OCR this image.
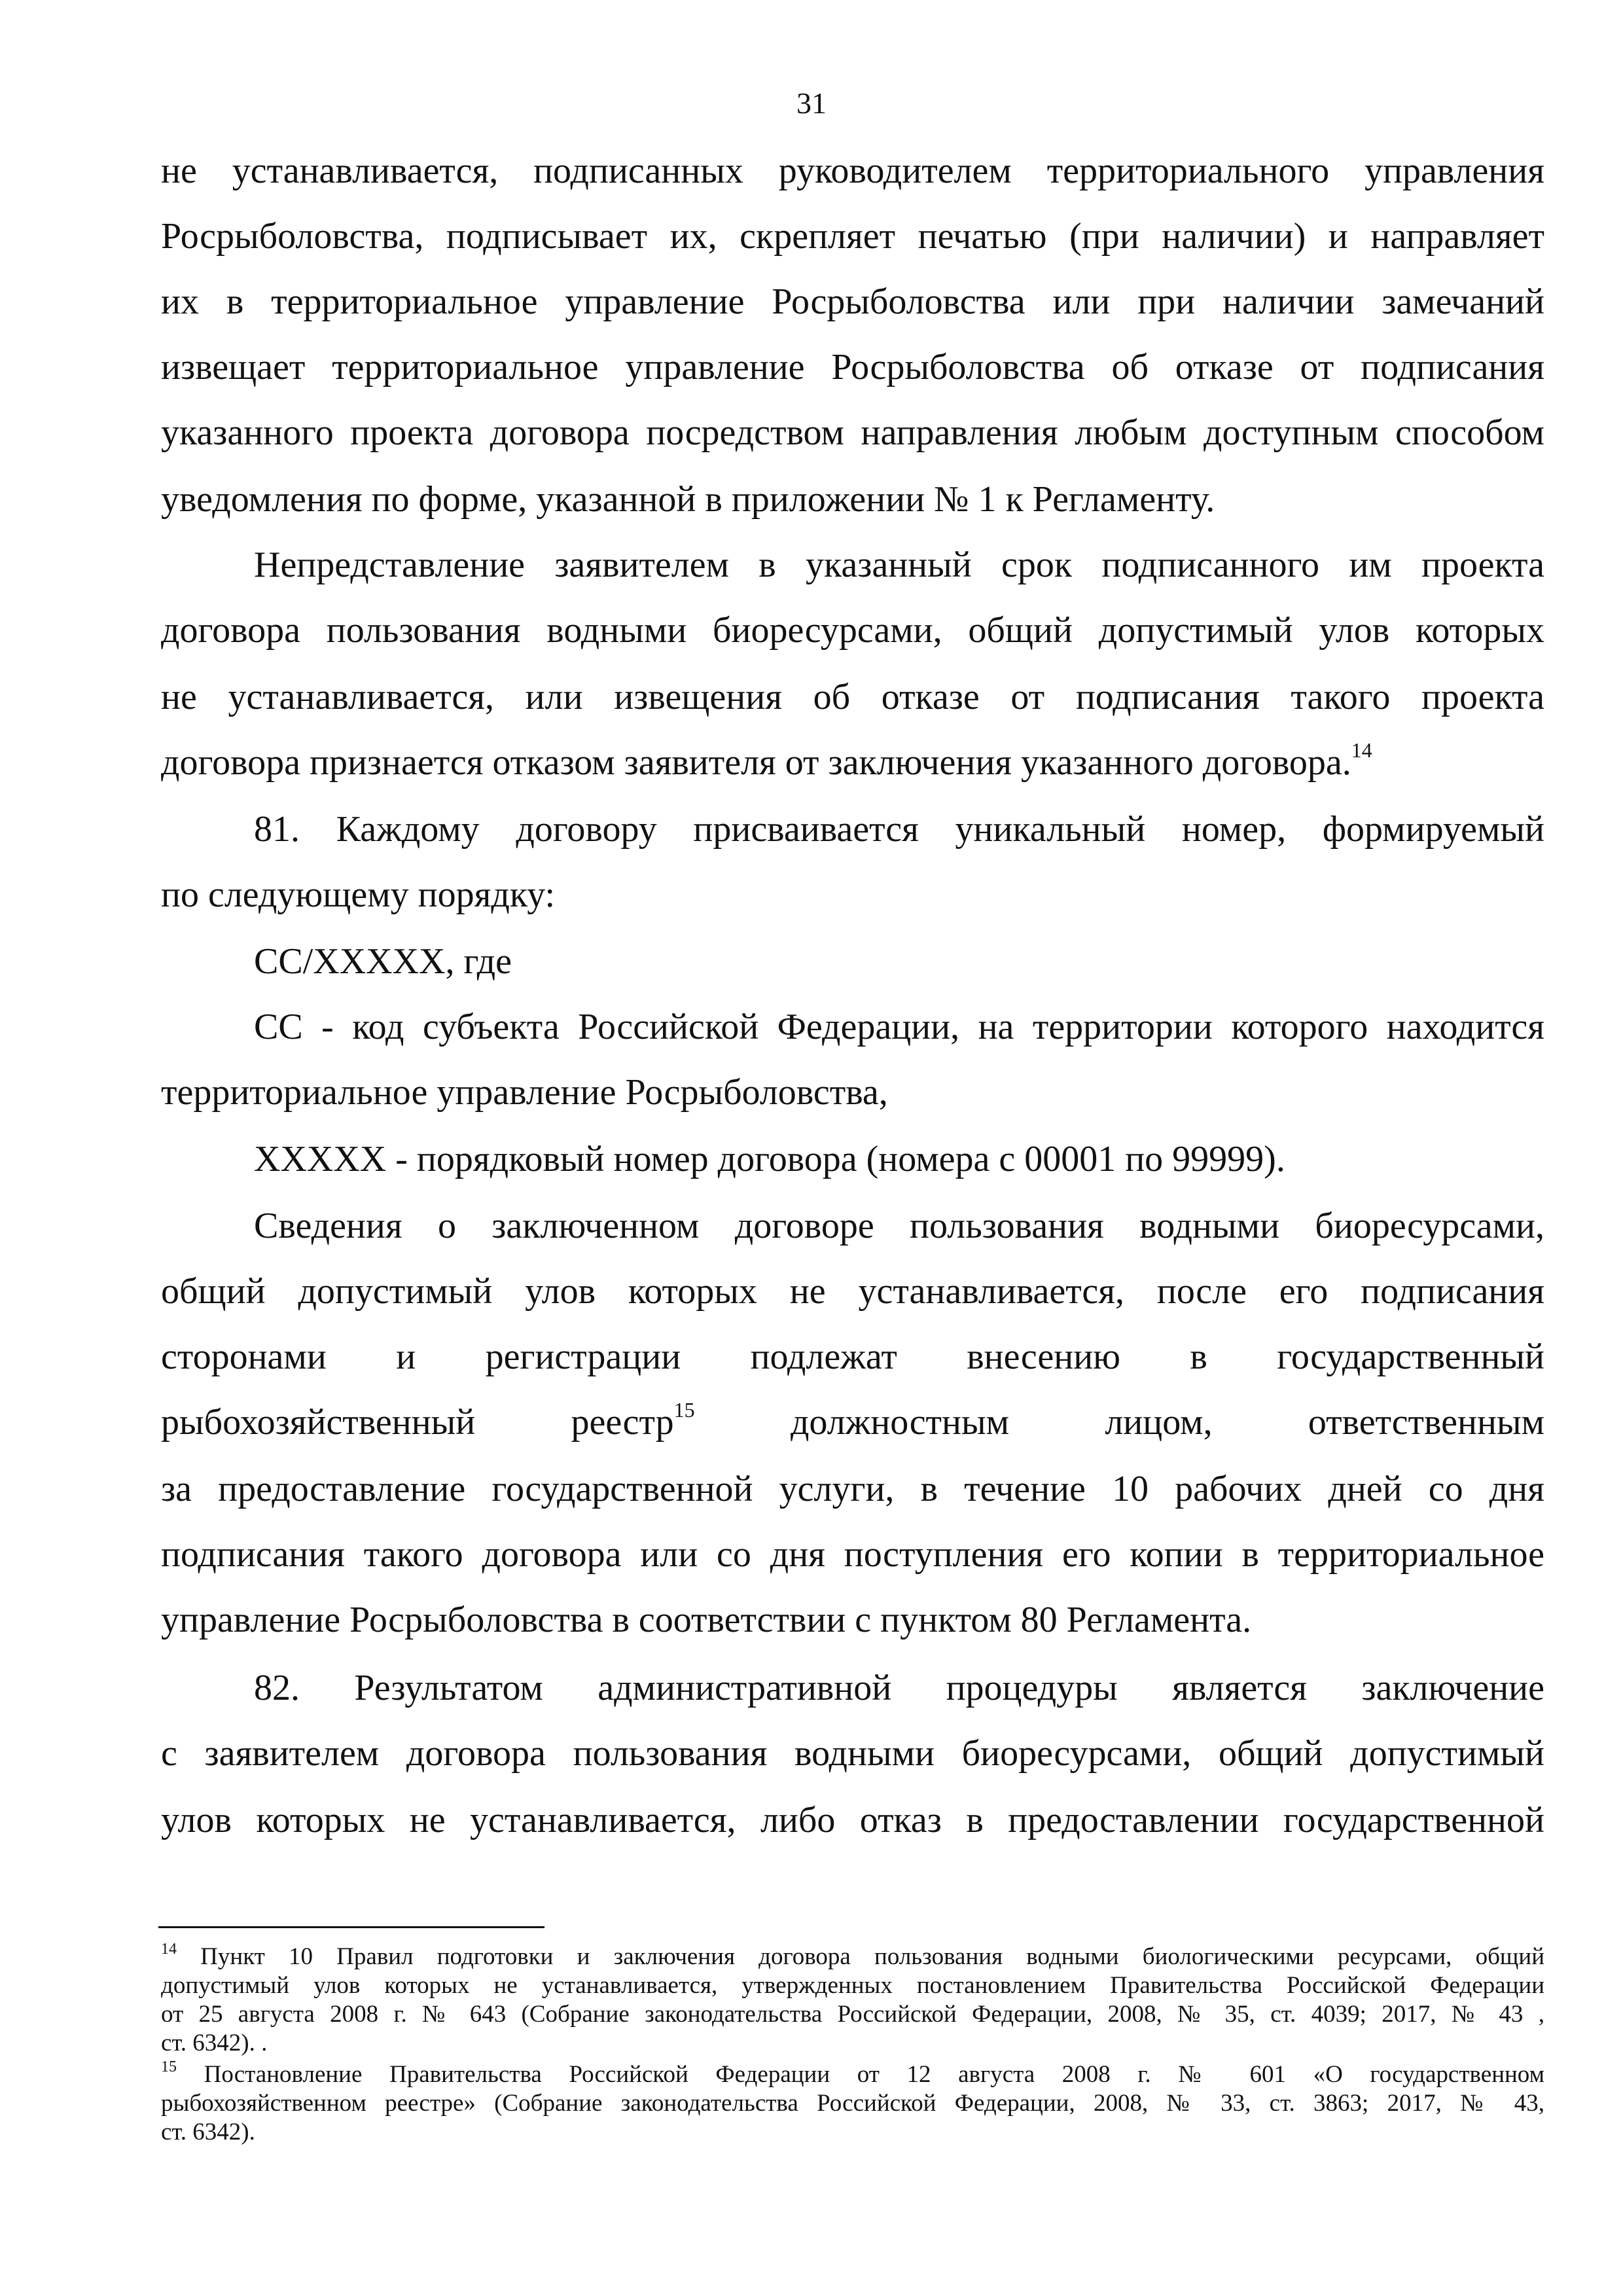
31
не устанавливается, подписанных руководителем территориального управления
Росрыболовства, подписывает их, скрепляет печатью (при наличии) и направляет
их в территориальное управление Росрыболовства или при наличии замечаний
извещает территориальное управление Росрыболовства об отказе от подписания
указанного проекта договора посредством направления любым доступным способом
уведомления по форме, указанной в приложении № 1 к Регламенту.
Непредставление заявителем в указанный срок подписанного им проекта
договора пользования водными биоресурсами, общий допустимый улов которых
не устанавливается, или извещения об отказе от подписания такого проекта
договора признается отказом заявителя от заключения указанного договора.$^{14}$
81. Каждому договору присваивается уникальный номер, формируемый
по следующему порядку:
СС/ХХХХХ, где
СС - код субъекта Российской Федерации, на территории которого находится
территориальное управление Росрыболовства,
ХХХХХ - порядковый номер договора (номера с 00001 по 99999).
Сведения о заключенном договоре пользования водными биоресурсами,
общий допустимый улов которых не устанавливается, после его подписания
сторонами и регистрации подлежат внесению в государственный
рыбохозяйственный реестр$^{15}$	должностным лицом, ответственным
за предоставление государственной услуги, в течение 10 рабочих дней со дня
подписания такого договора или со дня поступления его копии в территориальное
управление Росрыболовства в соответствии с пунктом 80 Регламента.
82. Результатом административной процедуры является заключение
с заявителем договора пользования водными биоресурсами, общий допустимый
улов которых не устанавливается, либо отказ в предоставлении государственной
$^{14}$ Пункт 10 Правил подготовки и заключения договора пользования водными биологическими ресурсами, общий
допустимый улов которых не устанавливается, утвержденных постановлением Правительства Российской Федерации
от 25 августа 2008 г. № 643 (Собрание законодательства Российской Федерации, 2008, № 35, ст. 4039; 2017, № 43 ,
ст. 6342). .
$^{15}$ Постановление Правительства Российской Федерации от 12 августа 2008 г. № 601 «О государственном
рыбохозяйственном реестре» (Собрание законодательства Российской Федерации, 2008, № 33, ст. 3863; 2017, № 43,
ст. 6342).
